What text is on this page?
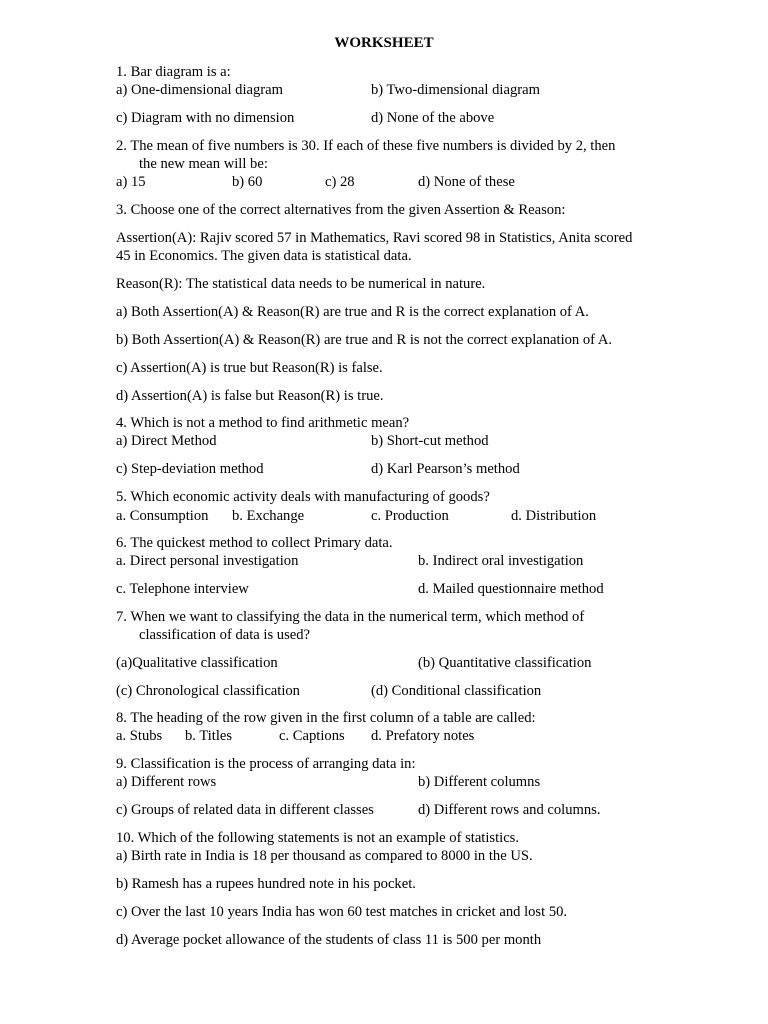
WORKSHEET
1. Bar diagram is a:
a) One-dimensional diagram	b) Two-dimensional diagram
c) Diagram with no dimension	d) None of the above
2. The mean of five numbers is 30. If each of these five numbers is divided by 2, then
the new mean will be:
a) 15	b) 60	c) 28	d) None of these
3. Choose one of the correct alternatives from the given Assertion & Reason:
Assertion(A): Rajiv scored 57 in Mathematics, Ravi scored 98 in Statistics, Anita scored
45 in Economics. The given data is statistical data.
Reason(R): The statistical data needs to be numerical in nature.
a) Both Assertion(A) & Reason(R) are true and R is the correct explanation of A.
b) Both Assertion(A) & Reason(R) are true and R is not the correct explanation of A.
c) Assertion(A) is true but Reason(R) is false.
d) Assertion(A) is false but Reason(R) is true.
4. Which is not a method to find arithmetic mean?
a) Direct Method	b) Short-cut method
c) Step-deviation method	d) Karl Pearson’s method
5. Which economic activity deals with manufacturing of goods?
a. Consumption b. Exchange	c. Production	d. Distribution
6. The quickest method to collect Primary data.
a. Direct personal investigation	b. Indirect oral investigation
c. Telephone interview	d. Mailed questionnaire method
7. When we want to classifying the data in the numerical term, which method of
classification of data is used?
(a)Qualitative classification	(b) Quantitative classification
(c) Chronological classification	(d) Conditional classification
8. The heading of the row given in the first column of a table are called:
a. Stubs b. Titles	c. Captions d. Prefatory notes
9. Classification is the process of arranging data in:
a) Different rows	b) Different columns
c) Groups of related data in different classes	d) Different rows and columns.
10. Which of the following statements is not an example of statistics.
a) Birth rate in India is 18 per thousand as compared to 8000 in the US.
b) Ramesh has a rupees hundred note in his pocket.
c) Over the last 10 years India has won 60 test matches in cricket and lost 50.
d) Average pocket allowance of the students of class 11 is 500 per month
